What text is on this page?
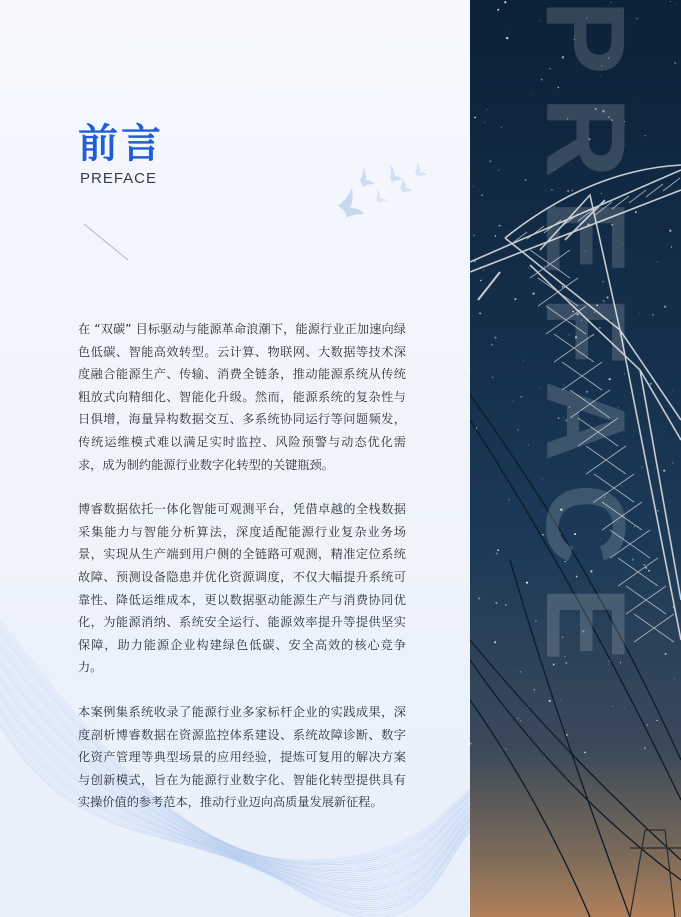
前言
PREFACE

在 “双碳” 目标驱动与能源革命浪潮下，能源行业正加速向绿色低碳、智能高效转型。云计算、物联网、大数据等技术深度融合能源生产、传输、消费全链条，推动能源系统从传统粗放式向精细化、智能化升级。然而，能源系统的复杂性与日俱增，海量异构数据交互、多系统协同运行等问题频发，传统运维模式难以满足实时监控、风险预警与动态优化需求，成为制约能源行业数字化转型的关键瓶颈。

博睿数据依托一体化智能可观测平台，凭借卓越的全栈数据采集能力与智能分析算法，深度适配能源行业复杂业务场景，实现从生产端到用户侧的全链路可观测，精准定位系统故障、预测设备隐患并优化资源调度，不仅大幅提升系统可靠性、降低运维成本，更以数据驱动能源生产与消费协同优化，为能源消纳、系统安全运行、能源效率提升等提供坚实保障，助力能源企业构建绿色低碳、安全高效的核心竞争力。

本案例集系统收录了能源行业多家标杆企业的实践成果，深度剖析博睿数据在资源监控体系建设、系统故障诊断、数字化资产管理等典型场景的应用经验，提炼可复用的解决方案与创新模式，旨在为能源行业数字化、智能化转型提供具有实操价值的参考范本，推动行业迈向高质量发展新征程。

PREFACE
